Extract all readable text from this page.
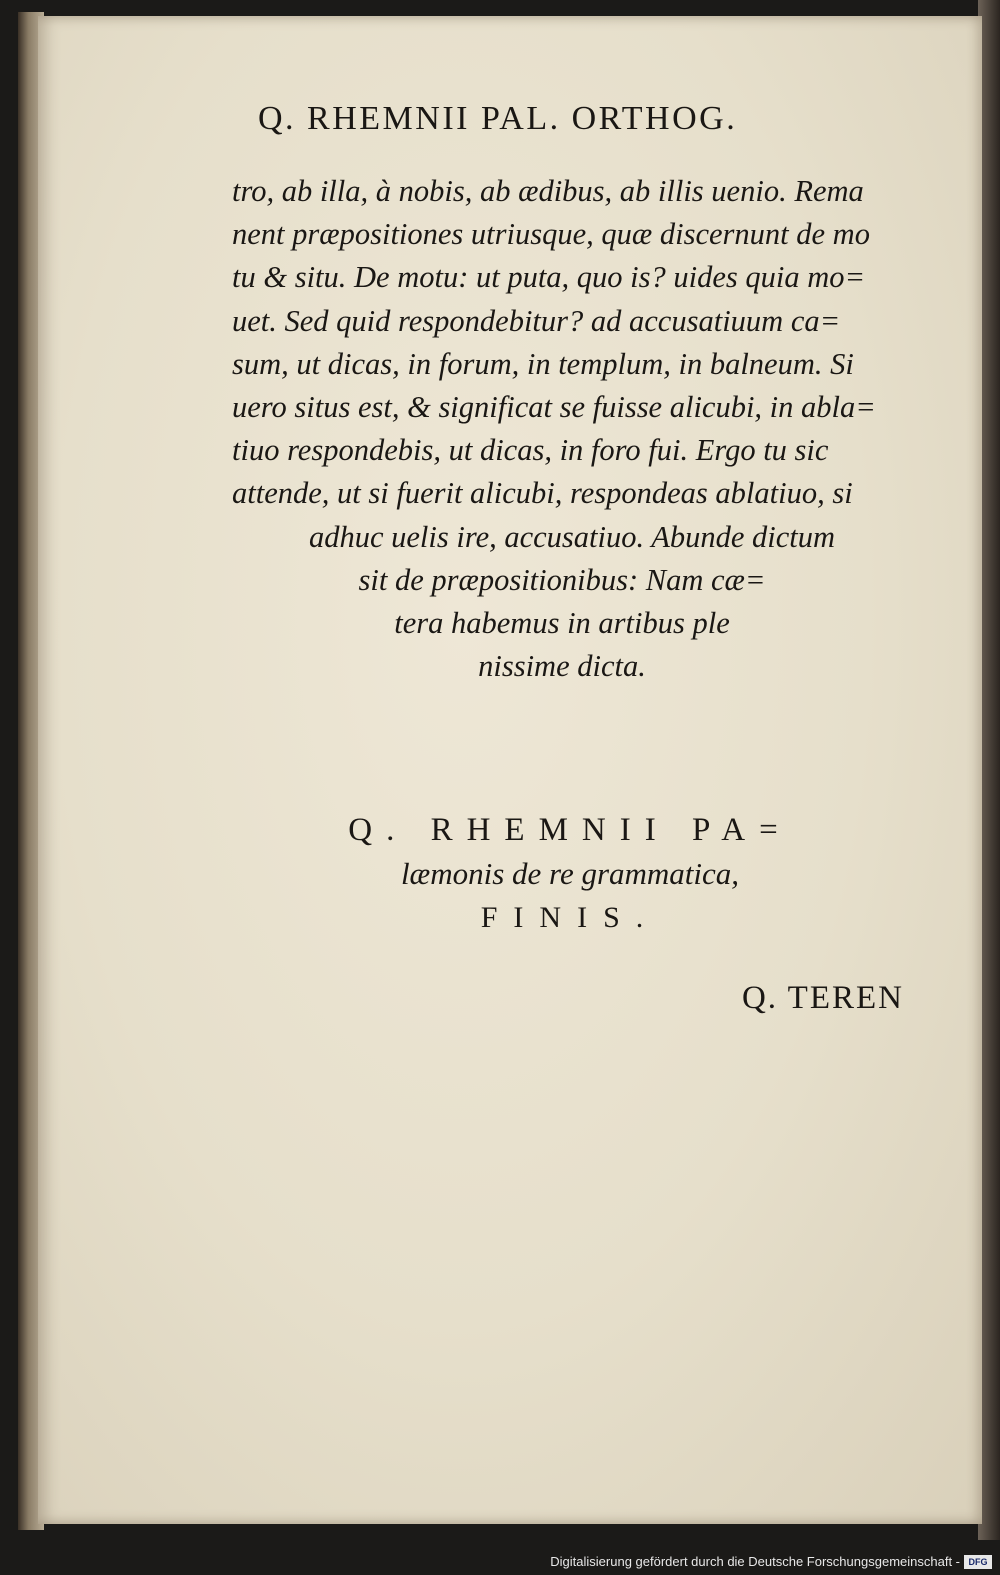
Q. RHEMNII PAL. ORTHOG.
tro, ab illa, à nobis, ab ædibus, ab illis uenio. Rema
nent præpositiones utriusque, quæ discernunt de mo
tu & situ. De motu: ut puta, quo is? uides quia mo=
uet. Sed quid respondebitur? ad accusatiuum ca=
sum, ut dicas, in forum, in templum, in balneum. Si
uero situs est, & significat se fuisse alicubi, in abla=
tiuo respondebis, ut dicas, in foro fui. Ergo tu sic
attende, ut si fuerit alicubi, respondeas ablatiuo, si
adhuc uelis ire, accusatiuo. Abunde dictum
sit de præpositionibus: Nam cæ=
tera habemus in artibus ple
nissime dicta.
Q. RHEMNII PA=
læmonis de re grammatica,
FINIS.
Q. TEREN
Digitalisierung gefördert durch die Deutsche Forschungsgemeinschaft - DFG
